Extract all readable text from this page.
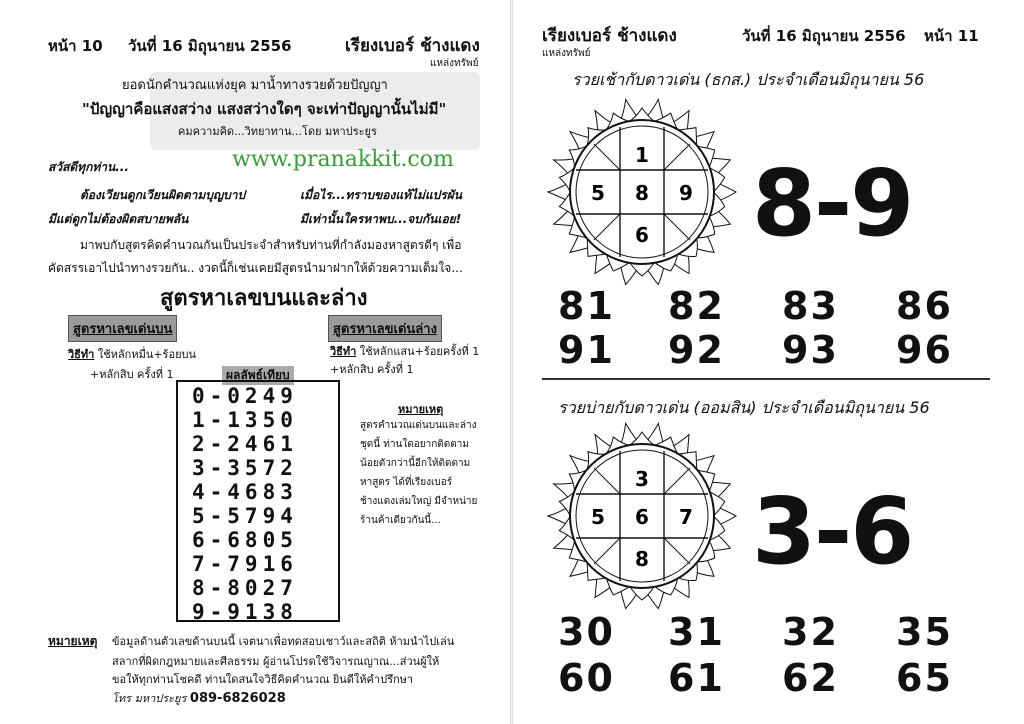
หน้า 10 วันที่ 16 มิถุนายน 2556	เรียงเบอร์ ช้างแดง
แหล่งทรัพย์
ยอดนักคำนวณแห่งยุค มาน้ำทางรวยด้วยปัญญา
"ปัญญาคือแสงสว่าง แสงสว่างใดๆ จะเท่าปัญญานั้นไม่มี"
คมความคิด...วิทยาทาน...โดย มหาประยูร
www.pranakkit.com
สวัสดีทุกท่าน...
ต้องเวียนดูกเวียนผิดตามบุญบาป	เมื่อไร...ทราบของแท้ไม่แปรผัน
มีแต่ดูกไม่ต้องผิดสบายพลัน	มีเท่านั้นใครหาพบ...จบกันเอย!
มาพบกับสูตรคิดคำนวณกันเป็นประจำสำหรับท่านที่กำลังมองหาสูตรดีๆ เพื่อ
คัดสรรเอาไปนำทางรวยกัน.. งวดนี้ก็เช่นเคยมีสูตรนำมาฝากให้ด้วยความเต็มใจ...
สูตรหาเลขบนและล่าง
สูตรหาเลขเด่นบน
วิธีทำ ใช้หลักหมื่น+ร้อยบน
+หลักสิบ ครั้งที่ 1
สูตรหาเลขเด่นล่าง
วิธีทำ ใช้หลักแสน+ร้อยครั้งที่ 1
+หลักสิบ ครั้งที่ 1
ผลลัพธ์เทียบ
0-0249
1-1350
2-2461
3-3572
4-4683
5-5794
6-6805
7-7916
8-8027
9-9138
หมายเหตุ
สูตรคำนวณเด่นบนและล่าง
ชุดนี้ ท่านใดอยากติดตาม
น้อยตัวกว่านี้อีกให้ติดตาม
หาสูตร ได้ที่เรียงเบอร์
ช้างแดงเล่มใหญ่ มีจำหน่าย
ร้านค้าเดียวกันนี้...
หมายเหตุ ข้อมูลด้านตัวเลขด้านบนนี้ เจตนาเพื่อทดสอบเชาว์และสถิติ ห้ามนำไปเล่น
สลากที่ผิดกฎหมายและศีลธรรม ผู้อ่านโปรดใช้วิจารณญาณ...ส่วนผู้ให้
ขอให้ทุกท่านโชคดี ท่านใดสนใจวิธีคิดคำนวณ ยินดีให้คำปรึกษา
โทร มหาประยูร 089-6826028
เรียงเบอร์ ช้างแดง
แหล่งทรัพย์
วันที่ 16 มิถุนายน 2556 หน้า 11
รวยเช้ากับดาวเด่น (ธกส.) ประจำเดือนมิถุนายน 56
1
5 8 9
6 8-9
81 82 83 86
91 92 93 96
รวยบ่ายกับดาวเด่น (ออมสิน) ประจำเดือนมิถุนายน 56
3
5 6 7
8 3-6
30 31 32 35
60 61 62 65
